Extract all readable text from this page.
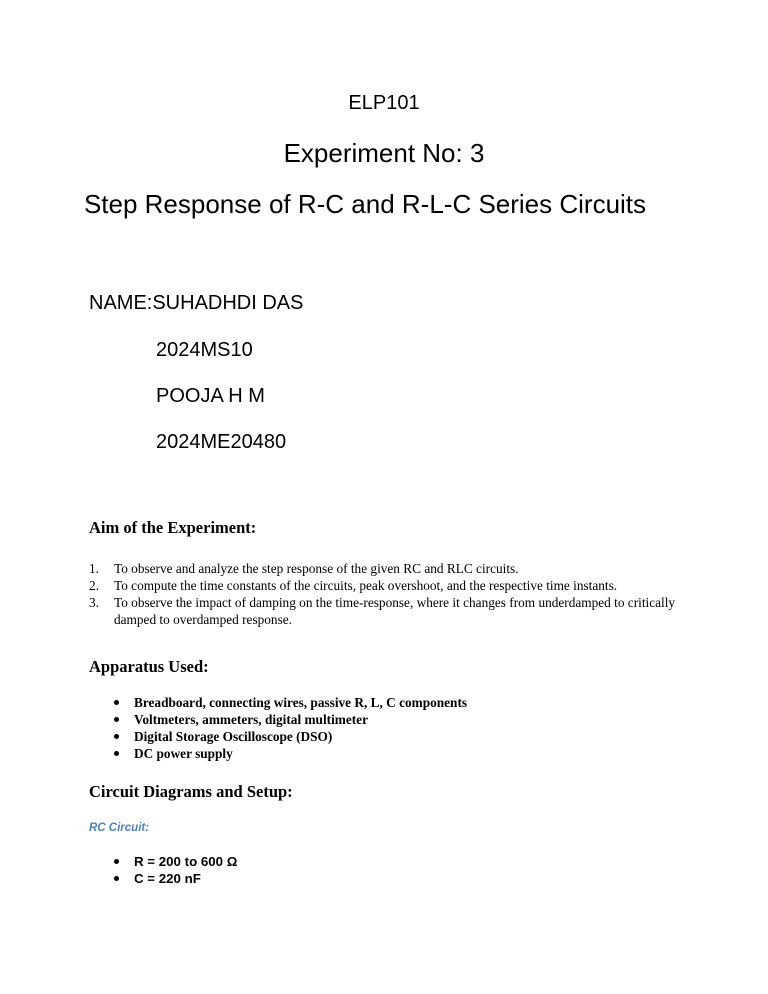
ELP101
Experiment No: 3
Step Response of R-C and R-L-C Series Circuits
NAME:SUHADHDI DAS
2024MS10
POOJA H M
2024ME20480
Aim of the Experiment:
1. To observe and analyze the step response of the given RC and RLC circuits.
2. To compute the time constants of the circuits, peak overshoot, and the respective time instants.
3. To observe the impact of damping on the time-response, where it changes from underdamped to critically damped to overdamped response.
Apparatus Used:
Breadboard, connecting wires, passive R, L, C components
Voltmeters, ammeters, digital multimeter
Digital Storage Oscilloscope (DSO)
DC power supply
Circuit Diagrams and Setup:
RC Circuit:
R = 200 to 600 Ω
C = 220 nF
